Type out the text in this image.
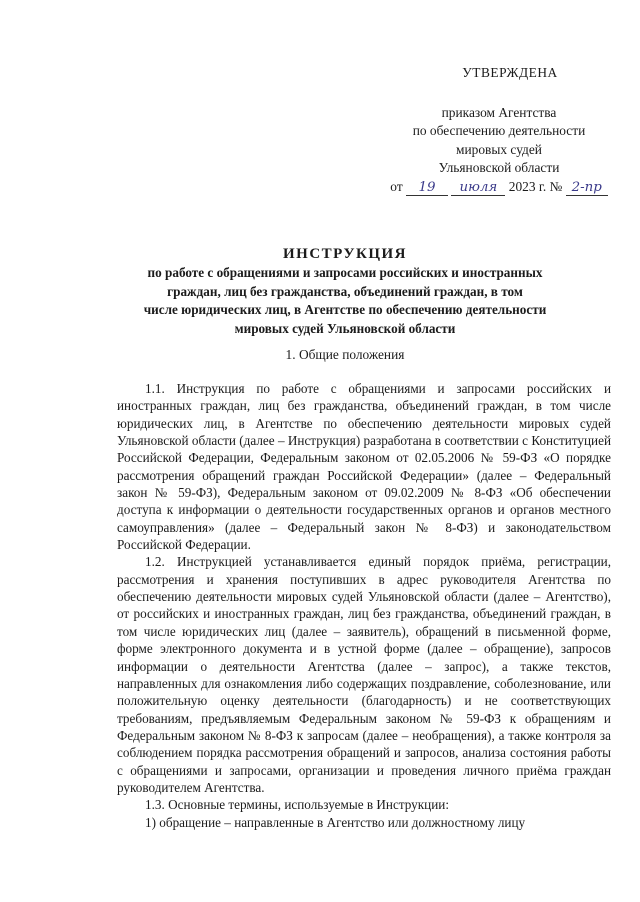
УТВЕРЖДЕНА
приказом Агентства
по обеспечению деятельности
мировых судей
Ульяновской области
от 19 июля 2023 г. № 2-пр
ИНСТРУКЦИЯ
по работе с обращениями и запросами российских и иностранных
граждан, лиц без гражданства, объединений граждан, в том
числе юридических лиц, в Агентстве по обеспечению деятельности
мировых судей Ульяновской области
1. Общие положения

1.1. Инструкция по работе с обращениями и запросами российских и иностранных граждан, лиц без гражданства, объединений граждан, в том числе юридических лиц, в Агентстве по обеспечению деятельности мировых судей Ульяновской области (далее – Инструкция) разработана в соответствии с Конституцией Российской Федерации, Федеральным законом от 02.05.2006 № 59-ФЗ «О порядке рассмотрения обращений граждан Российской Федерации» (далее – Федеральный закон № 59-ФЗ), Федеральным законом от 09.02.2009 № 8-ФЗ «Об обеспечении доступа к информации о деятельности государственных органов и органов местного самоуправления» (далее – Федеральный закон № 8-ФЗ) и законодательством Российской Федерации.

1.2. Инструкцией устанавливается единый порядок приёма, регистрации, рассмотрения и хранения поступивших в адрес руководителя Агентства по обеспечению деятельности мировых судей Ульяновской области (далее – Агентство), от российских и иностранных граждан, лиц без гражданства, объединений граждан, в том числе юридических лиц (далее – заявитель), обращений в письменной форме, форме электронного документа и в устной форме (далее – обращение), запросов информации о деятельности Агентства (далее – запрос), а также текстов, направленных для ознакомления либо содержащих поздравление, соболезнование, или положительную оценку деятельности (благодарность) и не соответствующих требованиям, предъявляемым Федеральным законом № 59-ФЗ к обращениям и Федеральным законом № 8-ФЗ к запросам (далее – необращения), а также контроля за соблюдением порядка рассмотрения обращений и запросов, анализа состояния работы с обращениями и запросами, организации и проведения личного приёма граждан руководителем Агентства.

1.3. Основные термины, используемые в Инструкции:

1) обращение – направленные в Агентство или должностному лицу
